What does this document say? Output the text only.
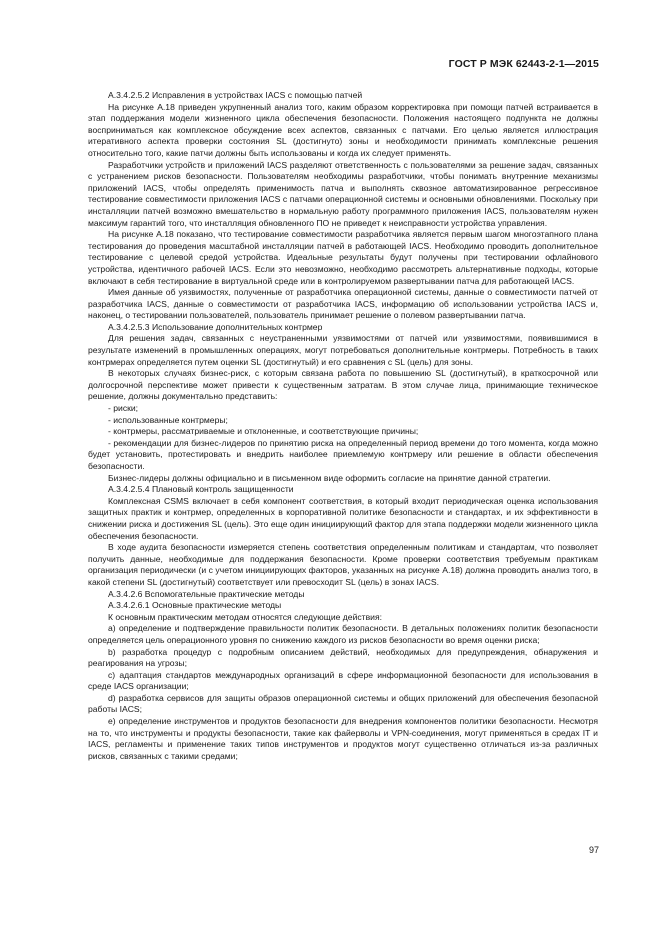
ГОСТ Р МЭК 62443-2-1—2015

А.3.4.2.5.2 Исправления в устройствах IACS с помощью патчей

На рисунке А.18 приведен укрупненный анализ того, каким образом корректировка при помощи патчей встраивается в этап поддержания модели жизненного цикла обеспечения безопасности. Положения настоящего подпункта не должны восприниматься как комплексное обсуждение всех аспектов, связанных с патчами. Его целью является иллюстрация итеративного аспекта проверки состояния SL (достигнуто) зоны и необходимости принимать комплексные решения относительно того, какие патчи должны быть использованы и когда их следует применять.

Разработчики устройств и приложений IACS разделяют ответственность с пользователями за решение задач, связанных с устранением рисков безопасности. Пользователям необходимы разработчики, чтобы понимать внутренние механизмы приложений IACS, чтобы определять применимость патча и выполнять сквозное автоматизированное регрессивное тестирование совместимости приложения IACS с патчами операционной системы и основными обновлениями. Поскольку при инсталляции патчей возможно вмешательство в нормальную работу программного приложения IACS, пользователям нужен максимум гарантий того, что инсталляция обновленного ПО не приведет к неисправности устройства управления.

На рисунке А.18 показано, что тестирование совместимости разработчика является первым шагом многоэтапного плана тестирования до проведения масштабной инсталляции патчей в работающей IACS. Необходимо проводить дополнительное тестирование с целевой средой устройства. Идеальные результаты будут получены при тестировании офлайнового устройства, идентичного рабочей IACS. Если это невозможно, необходимо рассмотреть альтернативные подходы, которые включают в себя тестирование в виртуальной среде или в контролируемом развертывании патча для работающей IACS.

Имея данные об уязвимостях, полученные от разработчика операционной системы, данные о совместимости патчей от разработчика IACS, данные о совместимости от разработчика IACS, информацию об использовании устройства IACS и, наконец, о тестировании пользователей, пользователь принимает решение о полевом развертывании патча.

А.3.4.2.5.3 Использование дополнительных контрмер

Для решения задач, связанных с неустраненными уязвимостями от патчей или уязвимостями, появившимися в результате изменений в промышленных операциях, могут потребоваться дополнительные контрмеры. Потребность в таких контрмерах определяется путем оценки SL (достигнутый) и его сравнения с SL (цель) для зоны.

В некоторых случаях бизнес-риск, с которым связана работа по повышению SL (достигнутый), в краткосрочной или долгосрочной перспективе может привести к существенным затратам. В этом случае лица, принимающие техническое решение, должны документально представить:

- риски;

- использованные контрмеры;

- контрмеры, рассматриваемые и отклоненные, и соответствующие причины;

- рекомендации для бизнес-лидеров по принятию риска на определенный период времени до того момента, когда можно будет установить, протестировать и внедрить наиболее приемлемую контрмеру или решение в области обеспечения безопасности.

Бизнес-лидеры должны официально и в письменном виде оформить согласие на принятие данной стратегии.

А.3.4.2.5.4 Плановый контроль защищенности

Комплексная CSMS включает в себя компонент соответствия, в который входит периодическая оценка использования защитных практик и контрмер, определенных в корпоративной политике безопасности и стандартах, и их эффективности в снижении риска и достижения SL (цель). Это еще один инициирующий фактор для этапа поддержки модели жизненного цикла обеспечения безопасности.

В ходе аудита безопасности измеряется степень соответствия определенным политикам и стандартам, что позволяет получить данные, необходимые для поддержания безопасности. Кроме проверки соответствия требуемым практикам организация периодически (и с учетом инициирующих факторов, указанных на рисунке А.18) должна проводить анализ того, в какой степени SL (достигнутый) соответствует или превосходит SL (цель) в зонах IACS.

А.3.4.2.6 Вспомогательные практические методы

А.3.4.2.6.1 Основные практические методы

К основным практическим методам относятся следующие действия:

а) определение и подтверждение правильности политик безопасности. В детальных положениях политик безопасности определяется цель операционного уровня по снижению каждого из рисков безопасности во время оценки риска;

b) разработка процедур с подробным описанием действий, необходимых для предупреждения, обнаружения и реагирования на угрозы;

c) адаптация стандартов международных организаций в сфере информационной безопасности для использования в среде IACS организации;

d) разработка сервисов для защиты образов операционной системы и общих приложений для обеспечения безопасной работы IACS;

e) определение инструментов и продуктов безопасности для внедрения компонентов политики безопасности. Несмотря на то, что инструменты и продукты безопасности, такие как файерволы и VPN-соединения, могут применяться в средах IT и IACS, регламенты и применение таких типов инструментов и продуктов могут существенно отличаться из-за различных рисков, связанных с такими средами;

97
